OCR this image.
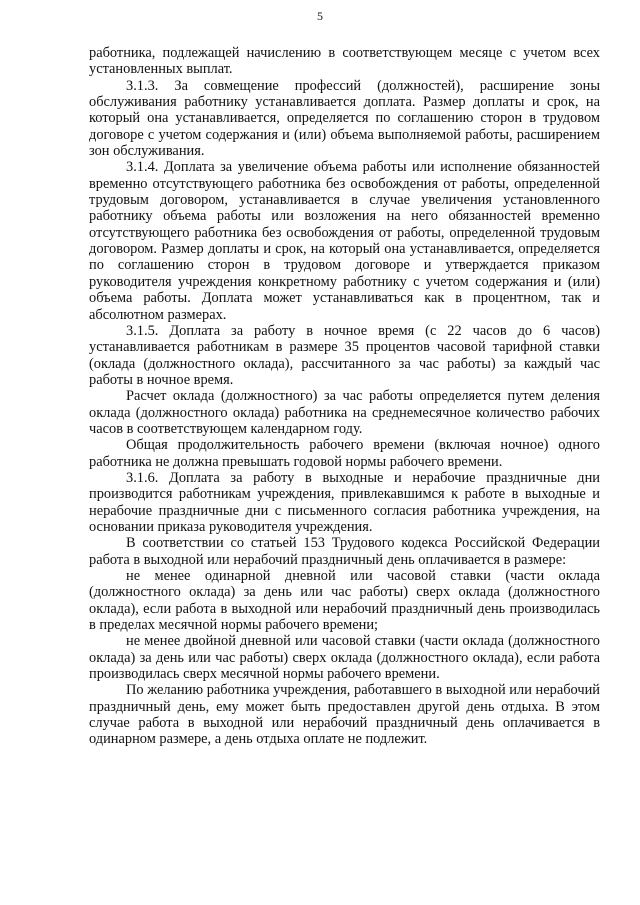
5

работника, подлежащей начислению в соответствующем месяце с учетом всех установленных выплат.

3.1.3. За совмещение профессий (должностей), расширение зоны обслуживания работнику устанавливается доплата. Размер доплаты и срок, на который она устанавливается, определяется по соглашению сторон в трудовом договоре с учетом содержания и (или) объема выполняемой работы, расширением зон обслуживания.

3.1.4. Доплата за увеличение объема работы или исполнение обязанностей временно отсутствующего работника без освобождения от работы, определенной трудовым договором, устанавливается в случае увеличения установленного работнику объема работы или возложения на него обязанностей временно отсутствующего работника без освобождения от работы, определенной трудовым договором. Размер доплаты и срок, на который она устанавливается, определяется по соглашению сторон в трудовом договоре и утверждается приказом руководителя учреждения конкретному работнику с учетом содержания и (или) объема работы. Доплата может устанавливаться как в процентном, так и абсолютном размерах.

3.1.5. Доплата за работу в ночное время (с 22 часов до 6 часов) устанавливается работникам в размере 35 процентов часовой тарифной ставки (оклада (должностного оклада), рассчитанного за час работы) за каждый час работы в ночное время.

Расчет оклада (должностного) за час работы определяется путем деления оклада (должностного оклада) работника на среднемесячное количество рабочих часов в соответствующем календарном году.

Общая продолжительность рабочего времени (включая ночное) одного работника не должна превышать годовой нормы рабочего времени.

3.1.6. Доплата за работу в выходные и нерабочие праздничные дни производится работникам учреждения, привлекавшимся к работе в выходные и нерабочие праздничные дни с письменного согласия работника учреждения, на основании приказа руководителя учреждения.

В соответствии со статьей 153 Трудового кодекса Российской Федерации работа в выходной или нерабочий праздничный день оплачивается в размере:

не менее одинарной дневной или часовой ставки (части оклада (должностного оклада) за день или час работы) сверх оклада (должностного оклада), если работа в выходной или нерабочий праздничный день производилась в пределах месячной нормы рабочего времени;

не менее двойной дневной или часовой ставки (части оклада (должностного оклада) за день или час работы) сверх оклада (должностного оклада), если работа производилась сверх месячной нормы рабочего времени.

По желанию работника учреждения, работавшего в выходной или нерабочий праздничный день, ему может быть предоставлен другой день отдыха. В этом случае работа в выходной или нерабочий праздничный день оплачивается в одинарном размере, а день отдыха оплате не подлежит.
